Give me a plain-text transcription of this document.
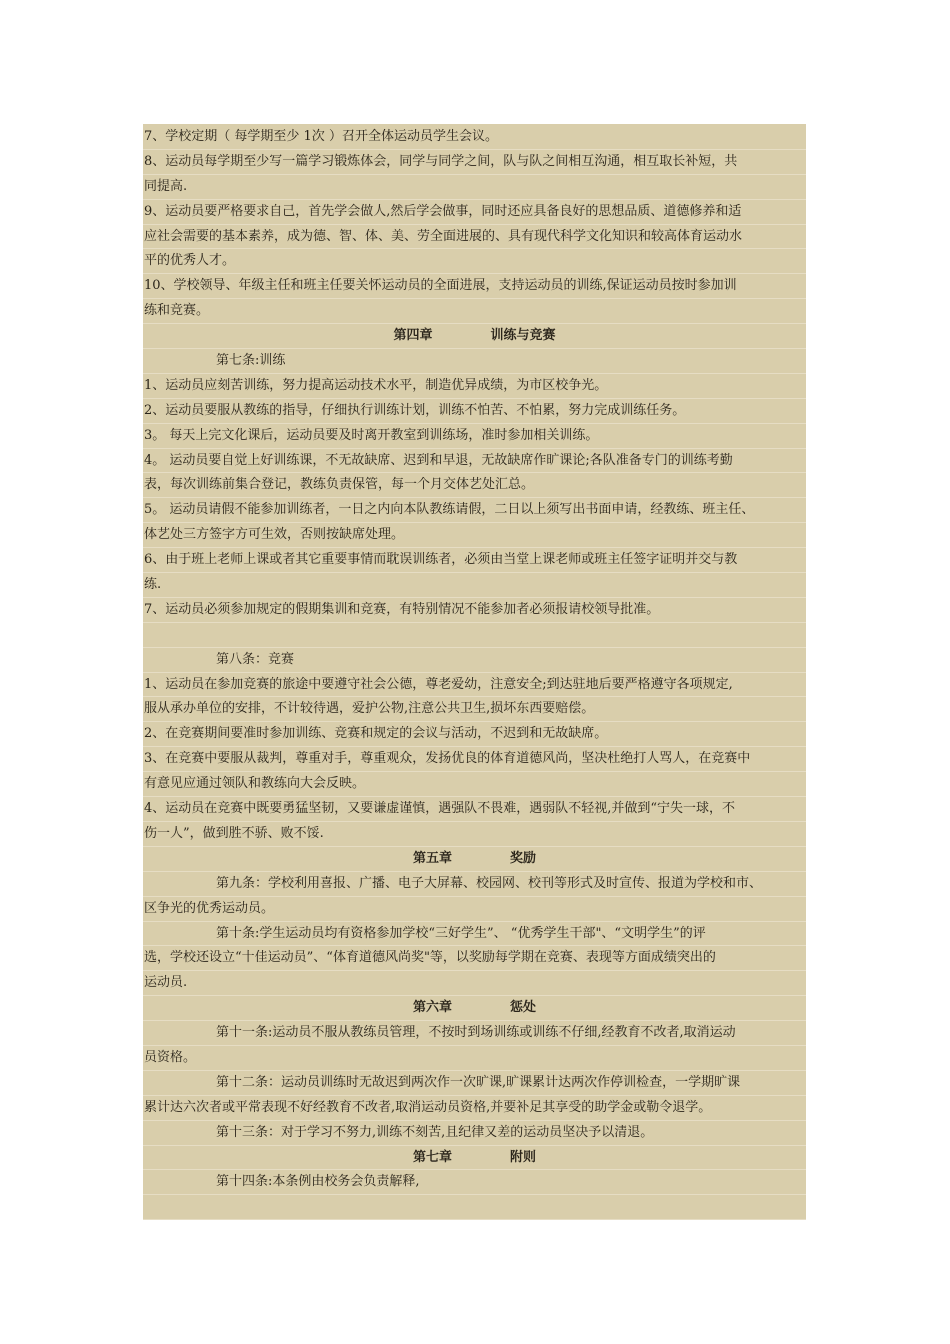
7、学校定期（ 每学期至少 1次 ）召开全体运动员学生会议。
8、运动员每学期至少写一篇学习锻炼体会，同学与同学之间，队与队之间相互沟通，相互取长补短，共
同提高.
9、运动员要严格要求自己，首先学会做人,然后学会做事，同时还应具备良好的思想品质、道德修养和适
应社会需要的基本素养，成为德、智、体、美、劳全面进展的、具有现代科学文化知识和较高体育运动水
平的优秀人才。
10、学校领导、年级主任和班主任要关怀运动员的全面进展，支持运动员的训练,保证运动员按时参加训
练和竞赛。
第四章	训练与竞赛
第七条:训练
1、运动员应刻苦训练，努力提高运动技术水平，制造优异成绩，为市区校争光。
2、运动员要服从教练的指导，仔细执行训练计划，训练不怕苦、不怕累，努力完成训练任务。
3。 每天上完文化课后，运动员要及时离开教室到训练场，准时参加相关训练。
4。 运动员要自觉上好训练课，不无故缺席、迟到和早退，无故缺席作旷课论;各队准备专门的训练考勤
表，每次训练前集合登记，教练负责保管，每一个月交体艺处汇总。
5。 运动员请假不能参加训练者，一日之内向本队教练请假，二日以上须写出书面申请，经教练、班主任、
体艺处三方签字方可生效，否则按缺席处理。
6、由于班上老师上课或者其它重要事情而耽误训练者，必须由当堂上课老师或班主任签字证明并交与教
练.
7、运动员必须参加规定的假期集训和竞赛，有特别情况不能参加者必须报请校领导批准。
第八条：竞赛
1、运动员在参加竞赛的旅途中要遵守社会公德，尊老爱幼，注意安全;到达驻地后要严格遵守各项规定,
服从承办单位的安排，不计较待遇，爱护公物,注意公共卫生,损坏东西要赔偿。
2、在竞赛期间要准时参加训练、竞赛和规定的会议与活动，不迟到和无故缺席。
3、在竞赛中要服从裁判，尊重对手，尊重观众，发扬优良的体育道德风尚，坚决杜绝打人骂人，在竞赛中
有意见应通过领队和教练向大会反映。
4、运动员在竞赛中既要勇猛坚韧，又要谦虚谨慎，遇强队不畏难，遇弱队不轻视,并做到“宁失一球，不
伤一人”，做到胜不骄、败不馁.
第五章	奖励
第九条：学校利用喜报、广播、电子大屏幕、校园网、校刊等形式及时宣传、报道为学校和市、
区争光的优秀运动员。
第十条:学生运动员均有资格参加学校“三好学生”、 “优秀学生干部"、“文明学生”的评
选，学校还设立“十佳运动员”、“体育道德风尚奖"等，以奖励每学期在竞赛、表现等方面成绩突出的
运动员.
第六章	惩处
第十一条:运动员不服从教练员管理，不按时到场训练或训练不仔细,经教育不改者,取消运动
员资格。
第十二条：运动员训练时无故迟到两次作一次旷课,旷课累计达两次作停训检查，一学期旷课
累计达六次者或平常表现不好经教育不改者,取消运动员资格,并要补足其享受的助学金或勒令退学。
第十三条：对于学习不努力,训练不刻苦,且纪律又差的运动员坚决予以清退。
第七章	附则
第十四条:本条例由校务会负责解释,
